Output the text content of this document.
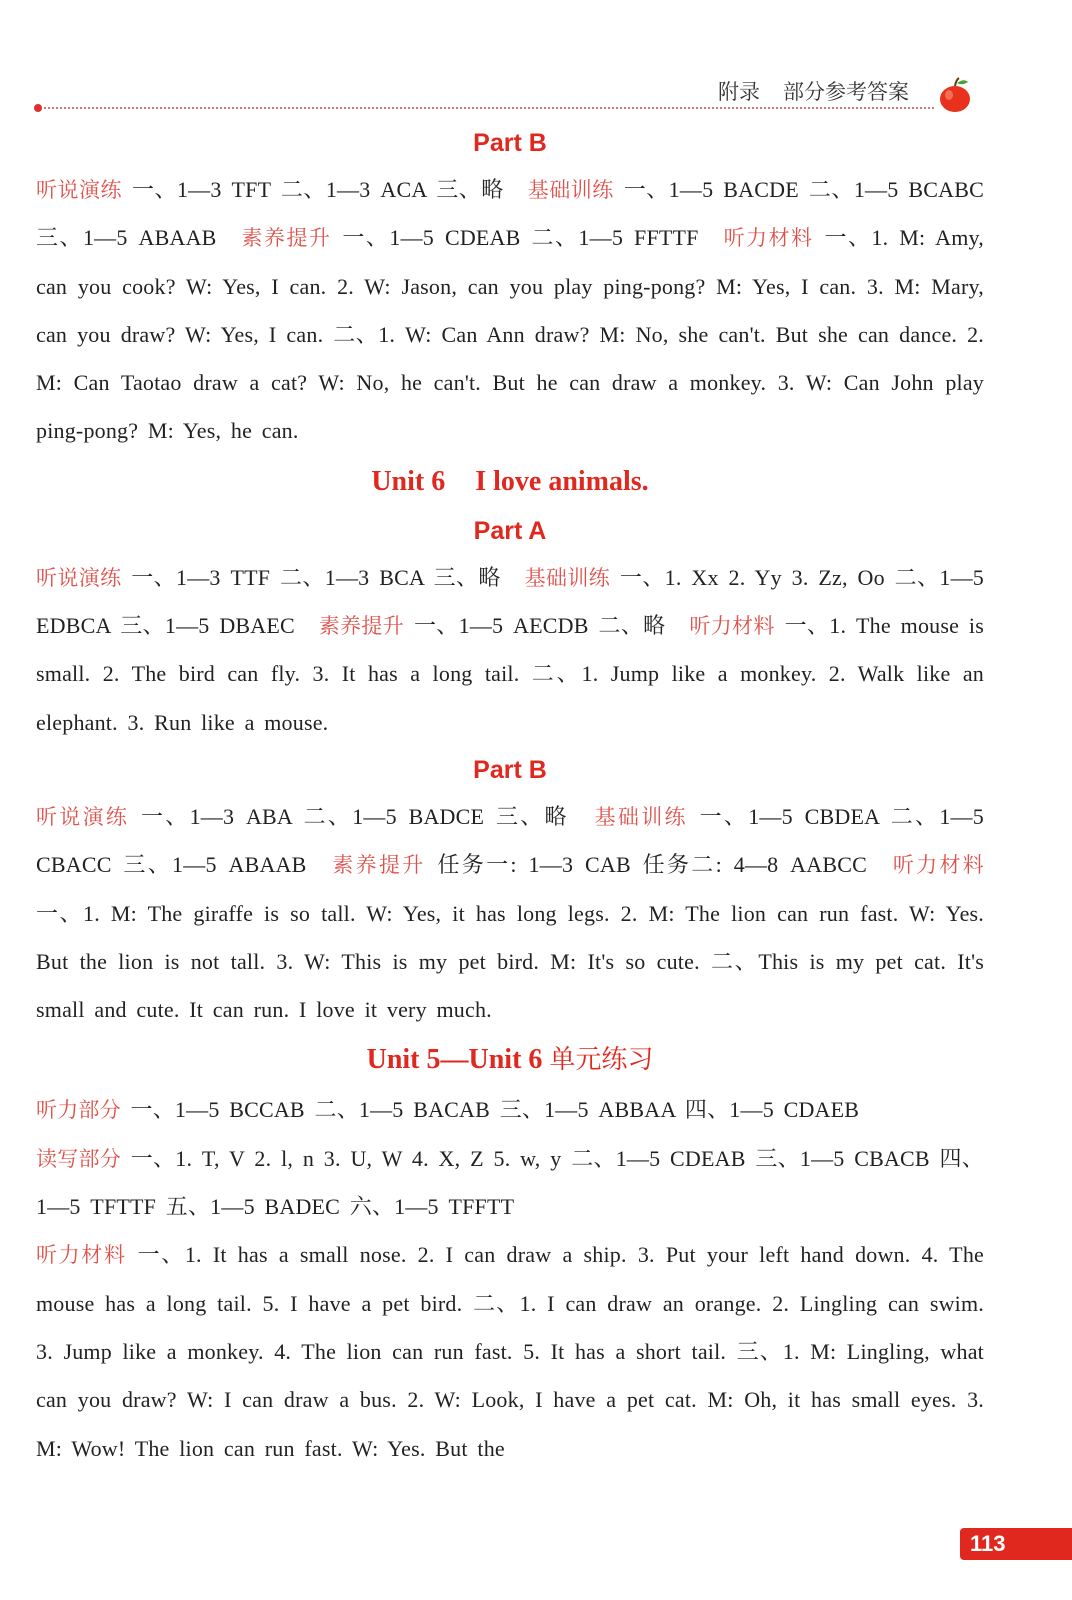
附录 部分参考答案
Part B

听说演练 一、1—3 TFT 二、1—3 ACA 三、略 基础训练 一、1—5 BACDE 二、1—5 BCABC 三、1—5 ABAAB 素养提升 一、1—5 CDEAB 二、1—5 FFTTF 听力材料 一、1. M: Amy, can you cook? W: Yes, I can. 2. W: Jason, can you play ping-pong? M: Yes, I can. 3. M: Mary, can you draw? W: Yes, I can. 二、1. W: Can Ann draw? M: No, she can't. But she can dance. 2. M: Can Taotao draw a cat? W: No, he can't. But he can draw a monkey. 3. W: Can John play ping-pong? M: Yes, he can.

Unit 6 I love animals.
Part A

听说演练 一、1—3 TTF 二、1—3 BCA 三、略 基础训练 一、1. Xx 2. Yy 3. Zz, Oo 二、1—5 EDBCA 三、1—5 DBAEC 素养提升 一、1—5 AECDB 二、略 听力材料 一、1. The mouse is small. 2. The bird can fly. 3. It has a long tail. 二、1. Jump like a monkey. 2. Walk like an elephant. 3. Run like a mouse.

Part B

听说演练 一、1—3 ABA 二、1—5 BADCE 三、略 基础训练 一、1—5 CBDEA 二、1—5 CBACC 三、1—5 ABAAB 素养提升 任务一: 1—3 CAB 任务二: 4—8 AABCC 听力材料 一、1. M: The giraffe is so tall. W: Yes, it has long legs. 2. M: The lion can run fast. W: Yes. But the lion is not tall. 3. W: This is my pet bird. M: It's so cute. 二、This is my pet cat. It's small and cute. It can run. I love it very much.

Unit 5—Unit 6 单元练习

听力部分 一、1—5 BCCAB 二、1—5 BACAB 三、1—5 ABBAA 四、1—5 CDAEB

读写部分 一、1. T, V 2. l, n 3. U, W 4. X, Z 5. w, y 二、1—5 CDEAB 三、1—5 CBACB 四、1—5 TFTTF 五、1—5 BADEC 六、1—5 TFFTT

听力材料 一、1. It has a small nose. 2. I can draw a ship. 3. Put your left hand down. 4. The mouse has a long tail. 5. I have a pet bird. 二、1. I can draw an orange. 2. Lingling can swim. 3. Jump like a monkey. 4. The lion can run fast. 5. It has a short tail. 三、1. M: Lingling, what can you draw? W: I can draw a bus. 2. W: Look, I have a pet cat. M: Oh, it has small eyes. 3. M: Wow! The lion can run fast. W: Yes. But the

113
